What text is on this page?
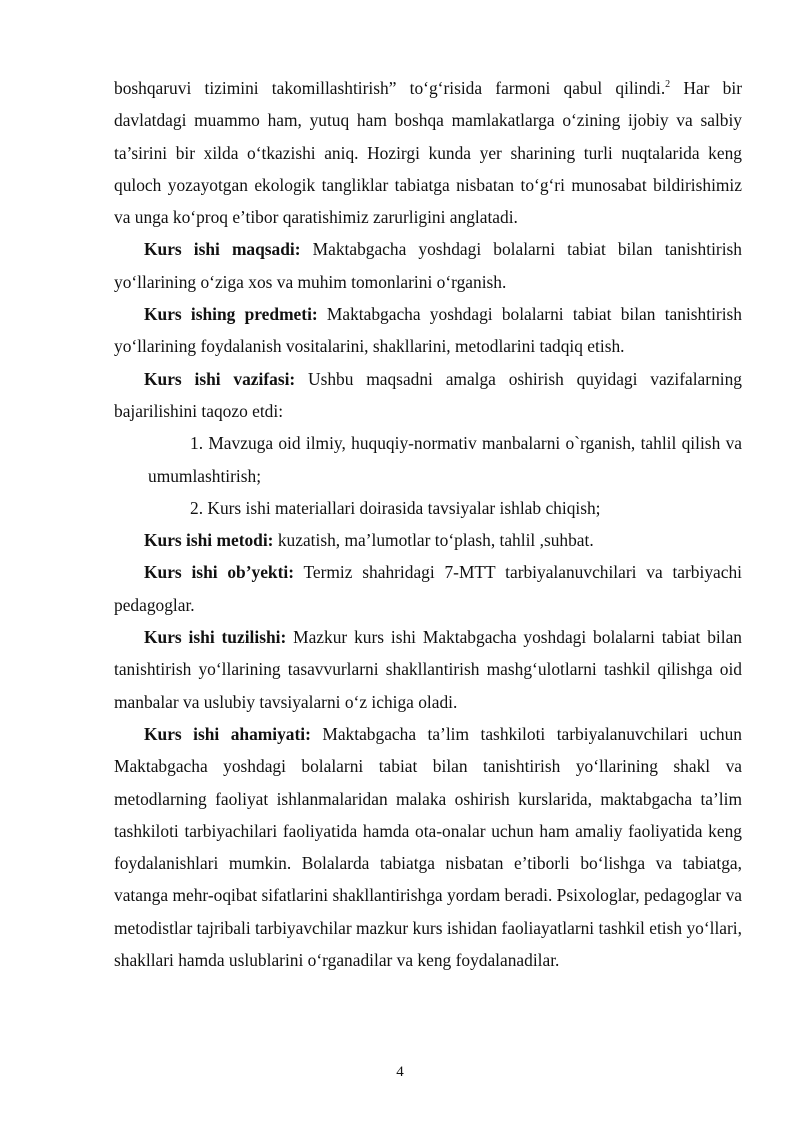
boshqaruvi tizimini takomillashtirish” to‘g‘risida farmoni qabul qilindi.$^2$ Har bir davlatdagi muammo ham, yutuq ham boshqa mamlakatlarga o‘zining ijobiy va salbiy ta’sirini bir xilda o‘tkazishi aniq. Hozirgi kunda yer sharining turli nuqtalarida keng quloch yozayotgan ekologik tangliklar tabiatga nisbatan to‘g‘ri munosabat bildirishimiz va unga ko‘proq e’tibor qaratishimiz zarurligini anglatadi.

Kurs ishi maqsadi: Maktabgacha yoshdagi bolalarni tabiat bilan tanishtirish yo‘llarining o‘ziga xos va muhim tomonlarini o‘rganish.

Kurs ishing predmeti: Maktabgacha yoshdagi bolalarni tabiat bilan tanishtirish yo‘llarining foydalanish vositalarini, shakllarini, metodlarini tadqiq etish.

Kurs ishi vazifasi: Ushbu maqsadni amalga oshirish quyidagi vazifalarning bajarilishini taqozo etdi:

1. Mavzuga oid ilmiy, huquqiy-normativ manbalarni o`rganish, tahlil qilish va umumlashtirish;

2. Kurs ishi materiallari doirasida tavsiyalar ishlab chiqish;

Kurs ishi metodi: kuzatish, ma’lumotlar to‘plash, tahlil ,suhbat.

Kurs ishi ob’yekti: Termiz shahridagi 7-MTT tarbiyalanuvchilari va tarbiyachi pedagoglar.

Kurs ishi tuzilishi: Mazkur kurs ishi Maktabgacha yoshdagi bolalarni tabiat bilan tanishtirish yo‘llarining tasavvurlarni shakllantirish mashg‘ulotlarni tashkil qilishga oid manbalar va uslubiy tavsiyalarni o‘z ichiga oladi.

Kurs ishi ahamiyati: Maktabgacha ta’lim tashkiloti tarbiyalanuvchilari uchun Maktabgacha yoshdagi bolalarni tabiat bilan tanishtirish yo‘llarining shakl va metodlarning faoliyat ishlanmalaridan malaka oshirish kurslarida, maktabgacha ta’lim tashkiloti tarbiyachilari faoliyatida hamda ota-onalar uchun ham amaliy faoliyatida keng foydalanishlari mumkin. Bolalarda tabiatga nisbatan e’tiborli bo‘lishga va tabiatga, vatanga mehr-oqibat sifatlarini shakllantirishga yordam beradi. Psixologlar, pedagoglar va metodistlar tajribali tarbiyavchilar mazkur kurs ishidan faoliayatlarni tashkil etish yo‘llari, shakllari hamda uslublarini o‘rganadilar va keng foydalanadilar.

4
